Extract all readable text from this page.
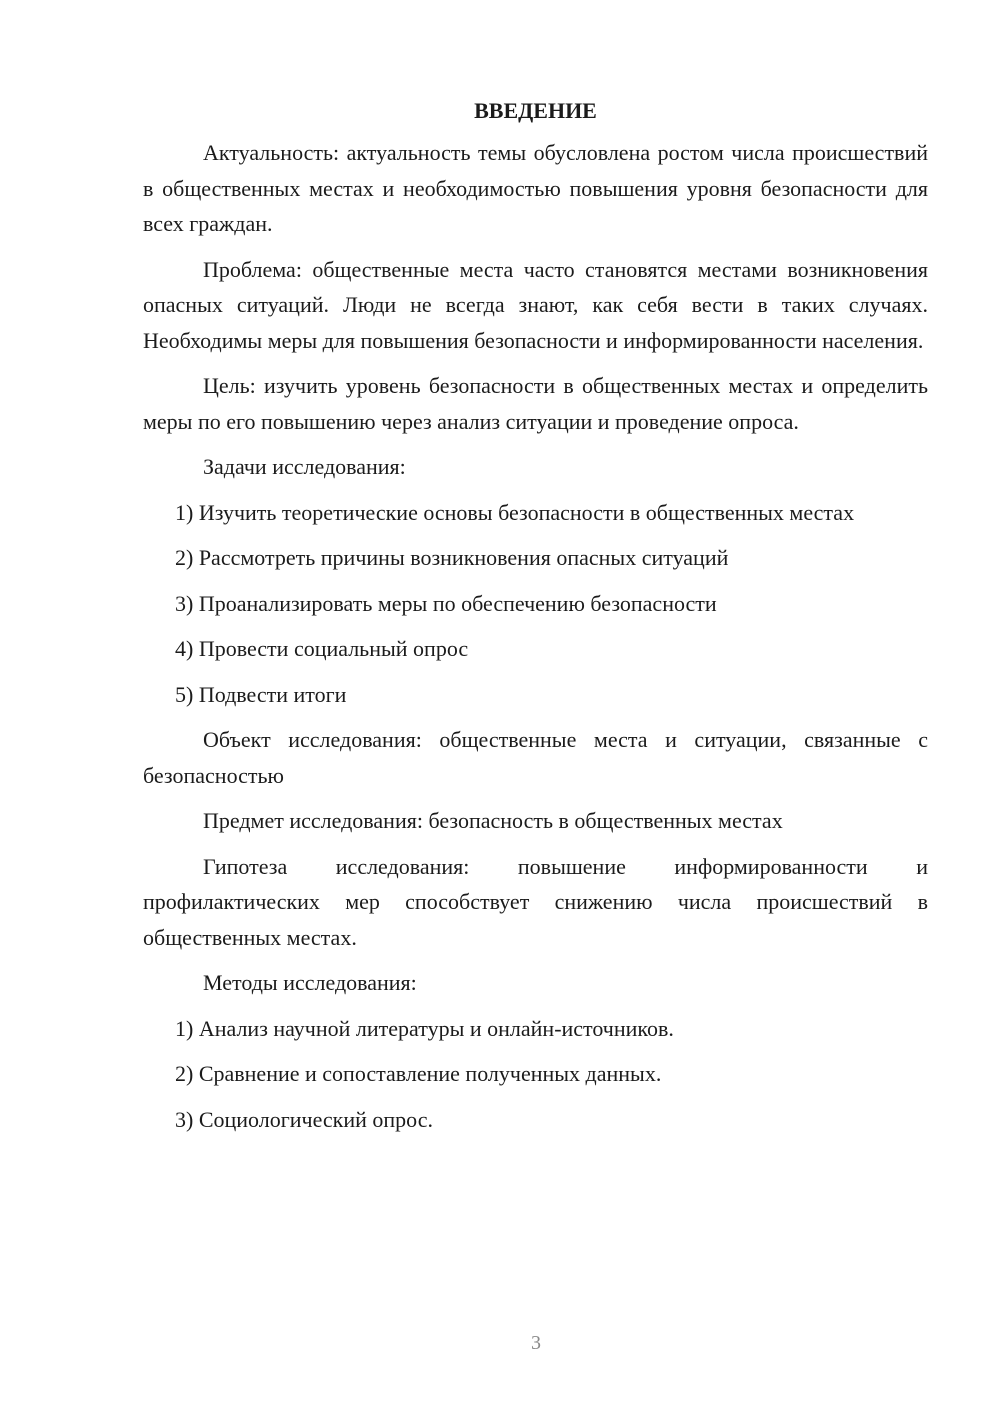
ВВЕДЕНИЕ

Актуальность: актуальность темы обусловлена ростом числа происшествий в общественных местах и необходимостью повышения уровня безопасности для всех граждан.

Проблема: общественные места часто становятся местами возникновения опасных ситуаций. Люди не всегда знают, как себя вести в таких случаях. Необходимы меры для повышения безопасности и информированности населения.

Цель: изучить уровень безопасности в общественных местах и определить меры по его повышению через анализ ситуации и проведение опроса.

Задачи исследования:

1) Изучить теоретические основы безопасности в общественных местах

2) Рассмотреть причины возникновения опасных ситуаций

3) Проанализировать меры по обеспечению безопасности

4) Провести социальный опрос

5) Подвести итоги

Объект исследования: общественные места и ситуации, связанные с безопасностью

Предмет исследования: безопасность в общественных местах

Гипотеза исследования: повышение информированности и профилактических мер способствует снижению числа происшествий в общественных местах.

Методы исследования:

1) Анализ научной литературы и онлайн-источников.

2) Сравнение и сопоставление полученных данных.

3) Социологический опрос.

3
